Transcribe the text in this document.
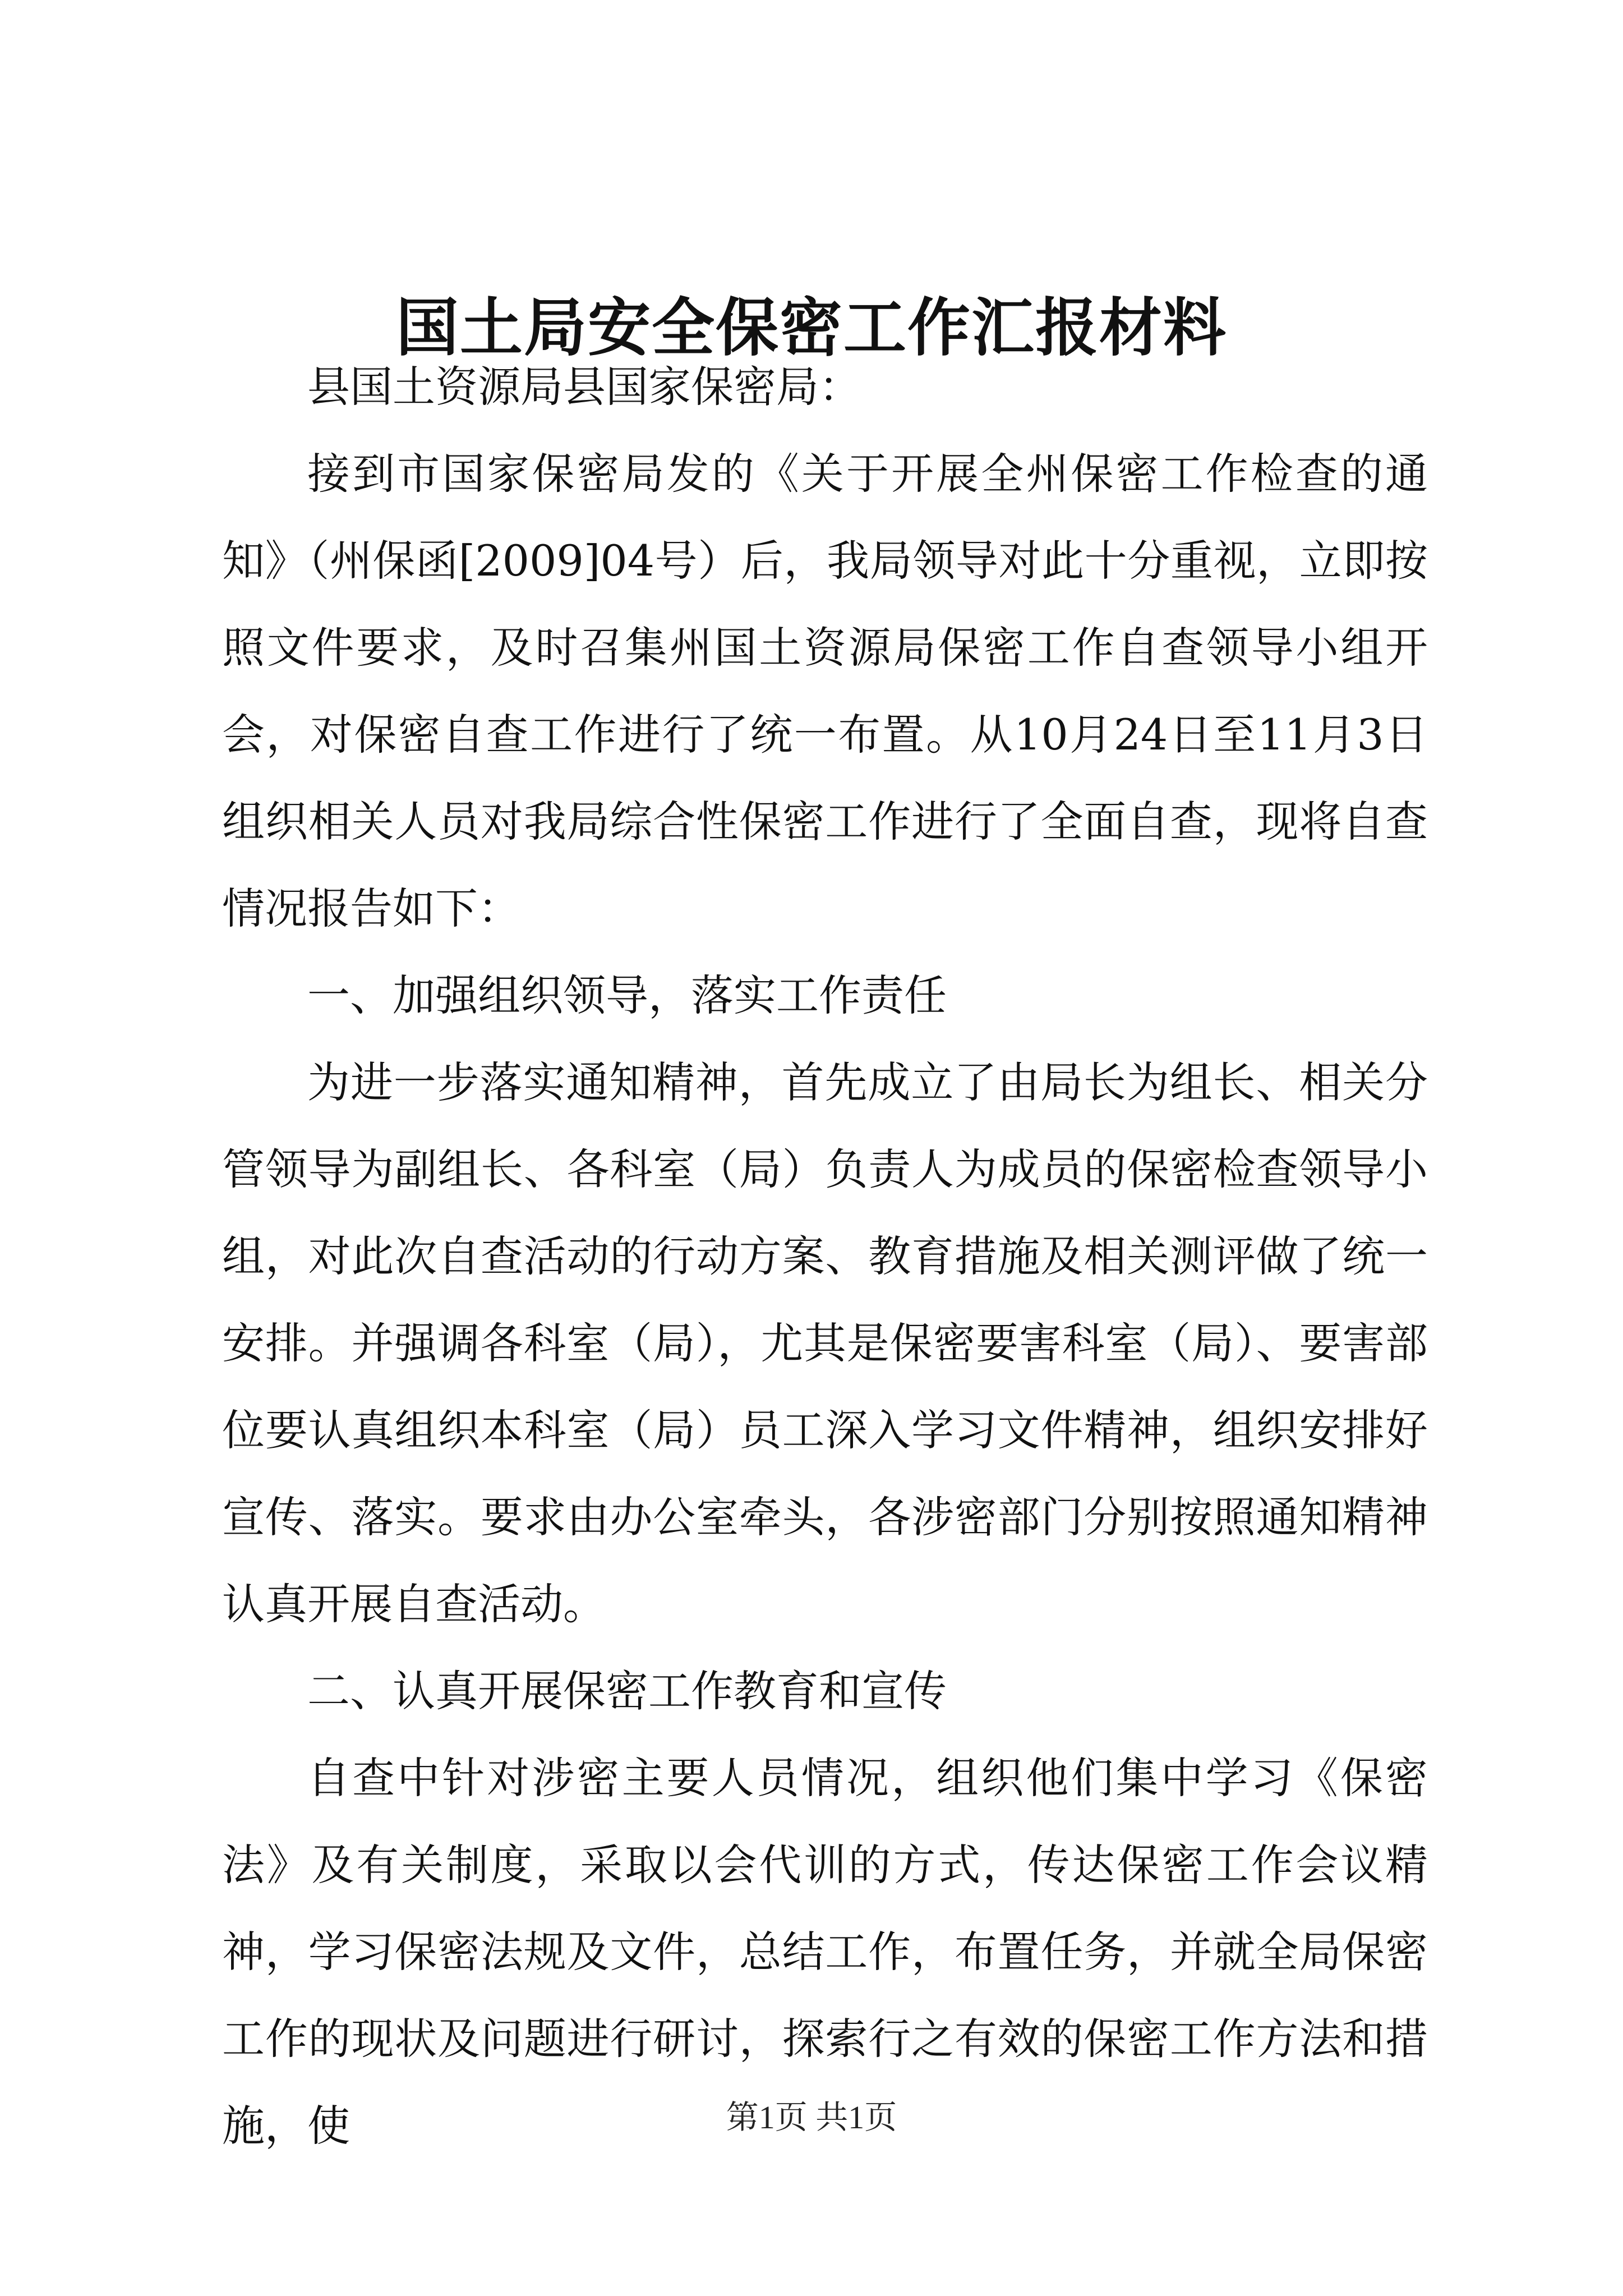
国土局安全保密工作汇报材料

县国土资源局县国家保密局：

接到市国家保密局发的《关于开展全州保密工作检查的通知》（州保函[2009]04号）后，我局领导对此十分重视，立即按照文件要求，及时召集州国土资源局保密工作自查领导小组开会，对保密自查工作进行了统一布置。从10月24日至11月3日组织相关人员对我局综合性保密工作进行了全面自查，现将自查情况报告如下：

一、加强组织领导，落实工作责任

为进一步落实通知精神，首先成立了由局长为组长、相关分管领导为副组长、各科室（局）负责人为成员的保密检查领导小组，对此次自查活动的行动方案、教育措施及相关测评做了统一安排。并强调各科室（局），尤其是保密要害科室（局）、要害部位要认真组织本科室（局）员工深入学习文件精神，组织安排好宣传、落实。要求由办公室牵头，各涉密部门分别按照通知精神认真开展自查活动。

二、认真开展保密工作教育和宣传

自查中针对涉密主要人员情况，组织他们集中学习《保密法》及有关制度，采取以会代训的方式，传达保密工作会议精神，学习保密法规及文件，总结工作，布置任务，并就全局保密工作的现状及问题进行研讨，探索行之有效的保密工作方法和措施，使	第1页 共1页
